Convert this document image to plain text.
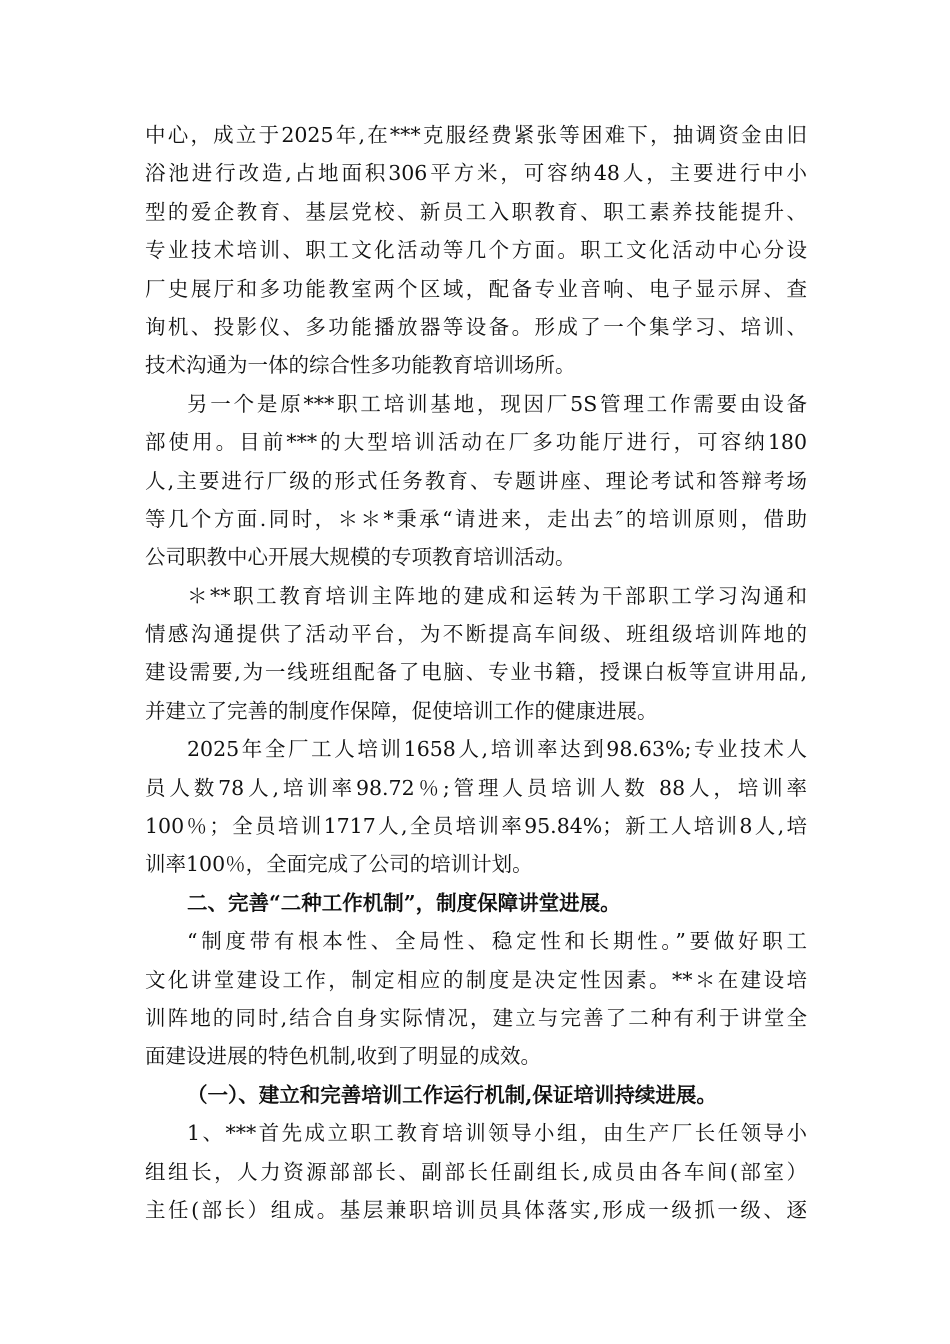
中心，成立于2025年,在***克服经费紧张等困难下，抽调资金由旧
浴池进行改造,占地面积306平方米，可容纳48人，主要进行中小
型的爱企教育、基层党校、新员工入职教育、职工素养技能提升、
专业技术培训、职工文化活动等几个方面。职工文化活动中心分设
厂史展厅和多功能教室两个区域，配备专业音响、电子显示屏、查
询机、投影仪、多功能播放器等设备。形成了一个集学习、培训、
技术沟通为一体的综合性多功能教育培训场所。
另一个是原***职工培训基地，现因厂5S管理工作需要由设备
部使用。目前***的大型培训活动在厂多功能厅进行，可容纳180
人,主要进行厂级的形式任务教育、专题讲座、理论考试和答辩考场
等几个方面.同时，＊＊*秉承“请进来，走出去″的培训原则，借助
公司职教中心开展大规模的专项教育培训活动。
＊**职工教育培训主阵地的建成和运转为干部职工学习沟通和
情感沟通提供了活动平台，为不断提高车间级、班组级培训阵地的
建设需要,为一线班组配备了电脑、专业书籍，授课白板等宣讲用品,
并建立了完善的制度作保障，促使培训工作的健康进展。
2025年全厂工人培训1658人,培训率达到98.63%;专业技术人
员人数78人,培训率98.72％;管理人员培训人数 88人，培训率
100％；全员培训1717人,全员培训率95.84%；新工人培训8人,培
训率100％，全面完成了公司的培训计划。
二、完善“二种工作机制”，制度保障讲堂进展。
“制度带有根本性、全局性、稳定性和长期性。”要做好职工
文化讲堂建设工作，制定相应的制度是决定性因素。**＊在建设培
训阵地的同时,结合自身实际情况，建立与完善了二种有利于讲堂全
面建设进展的特色机制,收到了明显的成效。
（一）、建立和完善培训工作运行机制,保证培训持续进展。
1、***首先成立职工教育培训领导小组，由生产厂长任领导小
组组长，人力资源部部长、副部长任副组长,成员由各车间(部室）
主任(部长）组成。基层兼职培训员具体落实,形成一级抓一级、逐
